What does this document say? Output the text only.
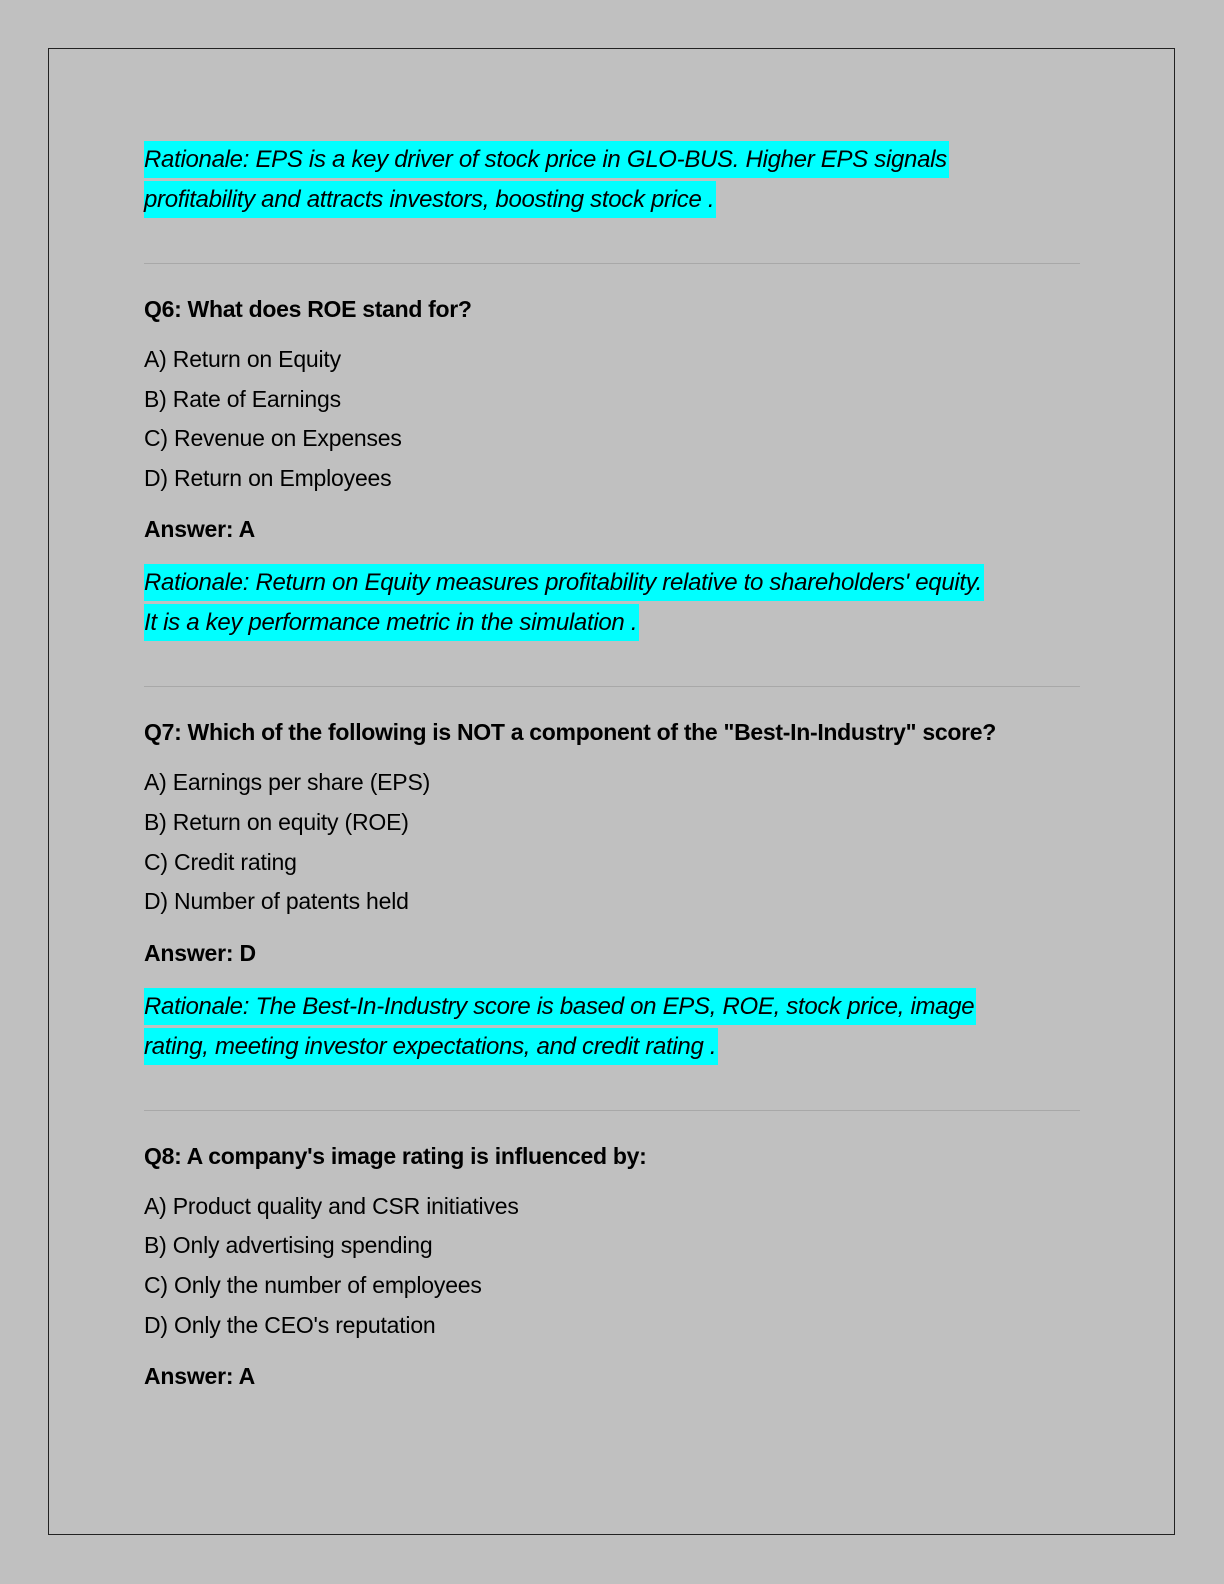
Rationale: EPS is a key driver of stock price in GLO-BUS. Higher EPS signals
profitability and attracts investors, boosting stock price .

Q6: What does ROE stand for?

A) Return on Equity
B) Rate of Earnings
C) Revenue on Expenses
D) Return on Employees

Answer: A

Rationale: Return on Equity measures profitability relative to shareholders' equity.
It is a key performance metric in the simulation .

Q7: Which of the following is NOT a component of the "Best-In-Industry" score?

A) Earnings per share (EPS)
B) Return on equity (ROE)
C) Credit rating
D) Number of patents held

Answer: D

Rationale: The Best-In-Industry score is based on EPS, ROE, stock price, image
rating, meeting investor expectations, and credit rating .

Q8: A company's image rating is influenced by:

A) Product quality and CSR initiatives
B) Only advertising spending
C) Only the number of employees
D) Only the CEO's reputation

Answer: A
